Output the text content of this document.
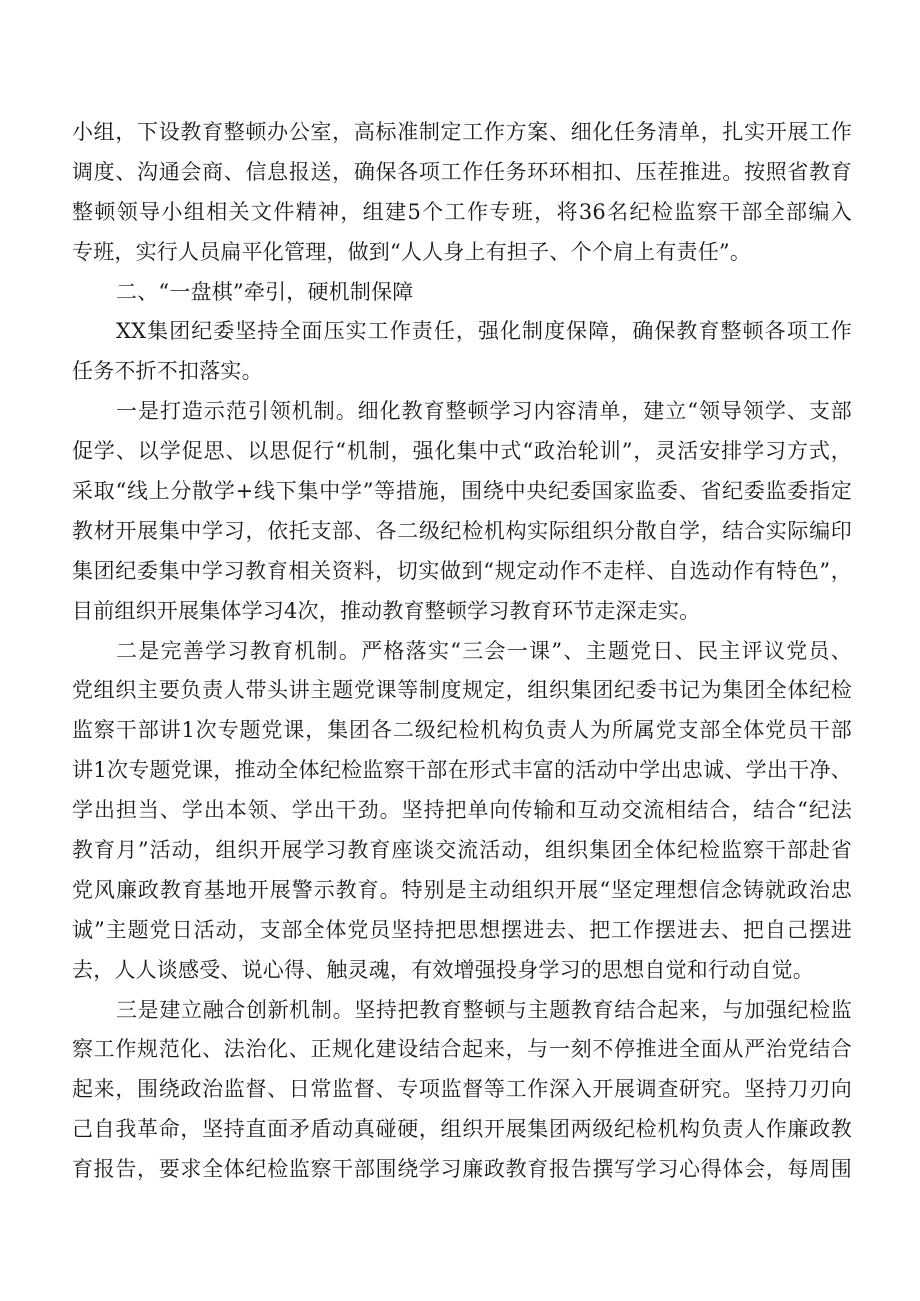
小组，下设教育整顿办公室，高标准制定工作方案、细化任务清单，扎实开展工作
调度、沟通会商、信息报送，确保各项工作任务环环相扣、压茬推进。按照省教育
整顿领导小组相关文件精神，组建5个工作专班，将36名纪检监察干部全部编入
专班，实行人员扁平化管理，做到“人人身上有担子、个个肩上有责任”。
二、“一盘棋”牵引，硬机制保障
XX集团纪委坚持全面压实工作责任，强化制度保障，确保教育整顿各项工作
任务不折不扣落实。
一是打造示范引领机制。细化教育整顿学习内容清单，建立“领导领学、支部
促学、以学促思、以思促行“机制，强化集中式“政治轮训”，灵活安排学习方式，
采取“线上分散学+线下集中学”等措施，围绕中央纪委国家监委、省纪委监委指定
教材开展集中学习，依托支部、各二级纪检机构实际组织分散自学，结合实际编印
集团纪委集中学习教育相关资料，切实做到“规定动作不走样、自选动作有特色”，
目前组织开展集体学习4次，推动教育整顿学习教育环节走深走实。
二是完善学习教育机制。严格落实“三会一课”、主题党日、民主评议党员、
党组织主要负责人带头讲主题党课等制度规定，组织集团纪委书记为集团全体纪检
监察干部讲1次专题党课，集团各二级纪检机构负责人为所属党支部全体党员干部
讲1次专题党课，推动全体纪检监察干部在形式丰富的活动中学出忠诚、学出干净、
学出担当、学出本领、学出干劲。坚持把单向传输和互动交流相结合，结合“纪法
教育月”活动，组织开展学习教育座谈交流活动，组织集团全体纪检监察干部赴省
党风廉政教育基地开展警示教育。特别是主动组织开展“坚定理想信念铸就政治忠
诚”主题党日活动，支部全体党员坚持把思想摆进去、把工作摆进去、把自己摆进
去，人人谈感受、说心得、触灵魂，有效增强投身学习的思想自觉和行动自觉。
三是建立融合创新机制。坚持把教育整顿与主题教育结合起来，与加强纪检监
察工作规范化、法治化、正规化建设结合起来，与一刻不停推进全面从严治党结合
起来，围绕政治监督、日常监督、专项监督等工作深入开展调查研究。坚持刀刃向
己自我革命，坚持直面矛盾动真碰硬，组织开展集团两级纪检机构负责人作廉政教
育报告，要求全体纪检监察干部围绕学习廉政教育报告撰写学习心得体会，每周围
